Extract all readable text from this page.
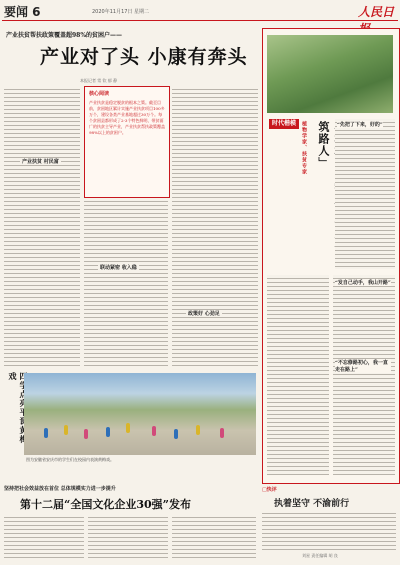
要闻 6	2020年11月17日 星期二	人民日
产业扶贫帮扶政策覆盖超98%的贫困户——
产业对了头 小康有奔头
本报记者 常 钦 郁 静
产业扶贫 村民富
核心阅读
产业扶贫是稳定脱贫的根本之策。截至目前，贫困地区累计实施产业扶贫项目100多万个，建设各类产业基地超过30万个。每个贫困县都形成了2-3个特色鲜明、带贫面广的扶贫主导产业，产业扶贫帮扶政策覆盖98%以上的贫困户。
联动紧密 收入稳
政策好 心劲足
戏
图为安徽省安庆市的学生们在校园内表演黄梅戏。
时代楷模	植物学家、扶贫专家 筑路人」
“先把了下来，好的”
“发自己动手，我山开路”
“不忘修路初心，我一直走在路上”
坚持把社会效益放在首位 总体规模实力进一步提升
第十二届“全国文化企业30强”发布
□快评
执着坚守 不渝前行
刘星 责任编辑 胡 良
